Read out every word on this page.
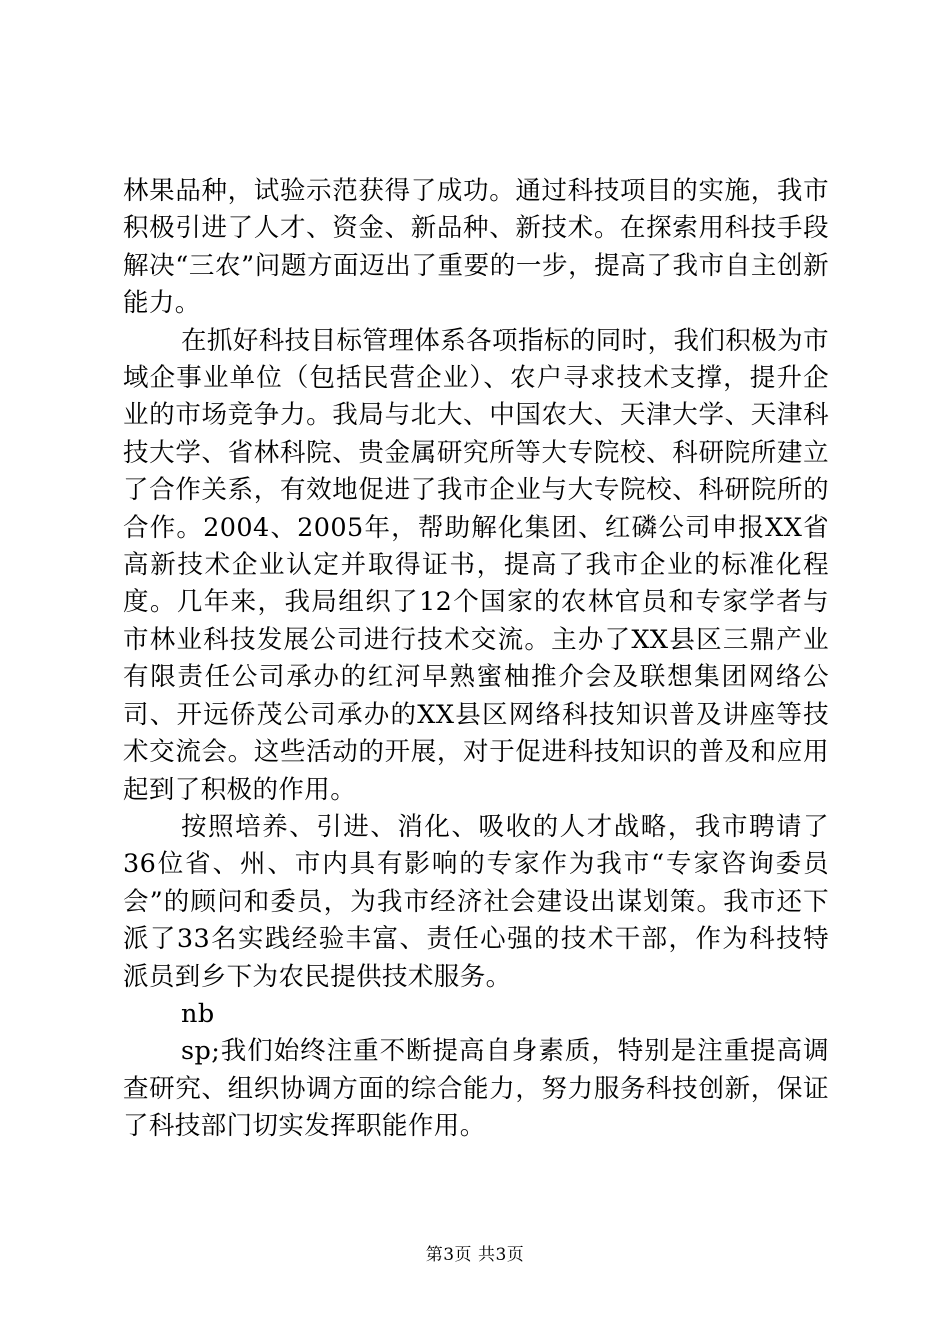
林果品种，试验示范获得了成功。通过科技项目的实施，我市积极引进了人才、资金、新品种、新技术。在探索用科技手段解决“三农”问题方面迈出了重要的一步，提高了我市自主创新能力。

在抓好科技目标管理体系各项指标的同时，我们积极为市域企事业单位（包括民营企业）、农户寻求技术支撑，提升企业的市场竞争力。我局与北大、中国农大、天津大学、天津科技大学、省林科院、贵金属研究所等大专院校、科研院所建立了合作关系，有效地促进了我市企业与大专院校、科研院所的合作。2004、2005年，帮助解化集团、红磷公司申报XX省高新技术企业认定并取得证书，提高了我市企业的标准化程度。几年来，我局组织了12个国家的农林官员和专家学者与市林业科技发展公司进行技术交流。主办了XX县区三鼎产业有限责任公司承办的红河早熟蜜柚推介会及联想集团网络公司、开远侨茂公司承办的XX县区网络科技知识普及讲座等技术交流会。这些活动的开展，对于促进科技知识的普及和应用起到了积极的作用。

按照培养、引进、消化、吸收的人才战略，我市聘请了36位省、州、市内具有影响的专家作为我市“专家咨询委员会”的顾问和委员，为我市经济社会建设出谋划策。我市还下派了33名实践经验丰富、责任心强的技术干部，作为科技特派员到乡下为农民提供技术服务。

nb

sp;我们始终注重不断提高自身素质，特别是注重提高调查研究、组织协调方面的综合能力，努力服务科技创新，保证了科技部门切实发挥职能作用。

第3页 共3页
